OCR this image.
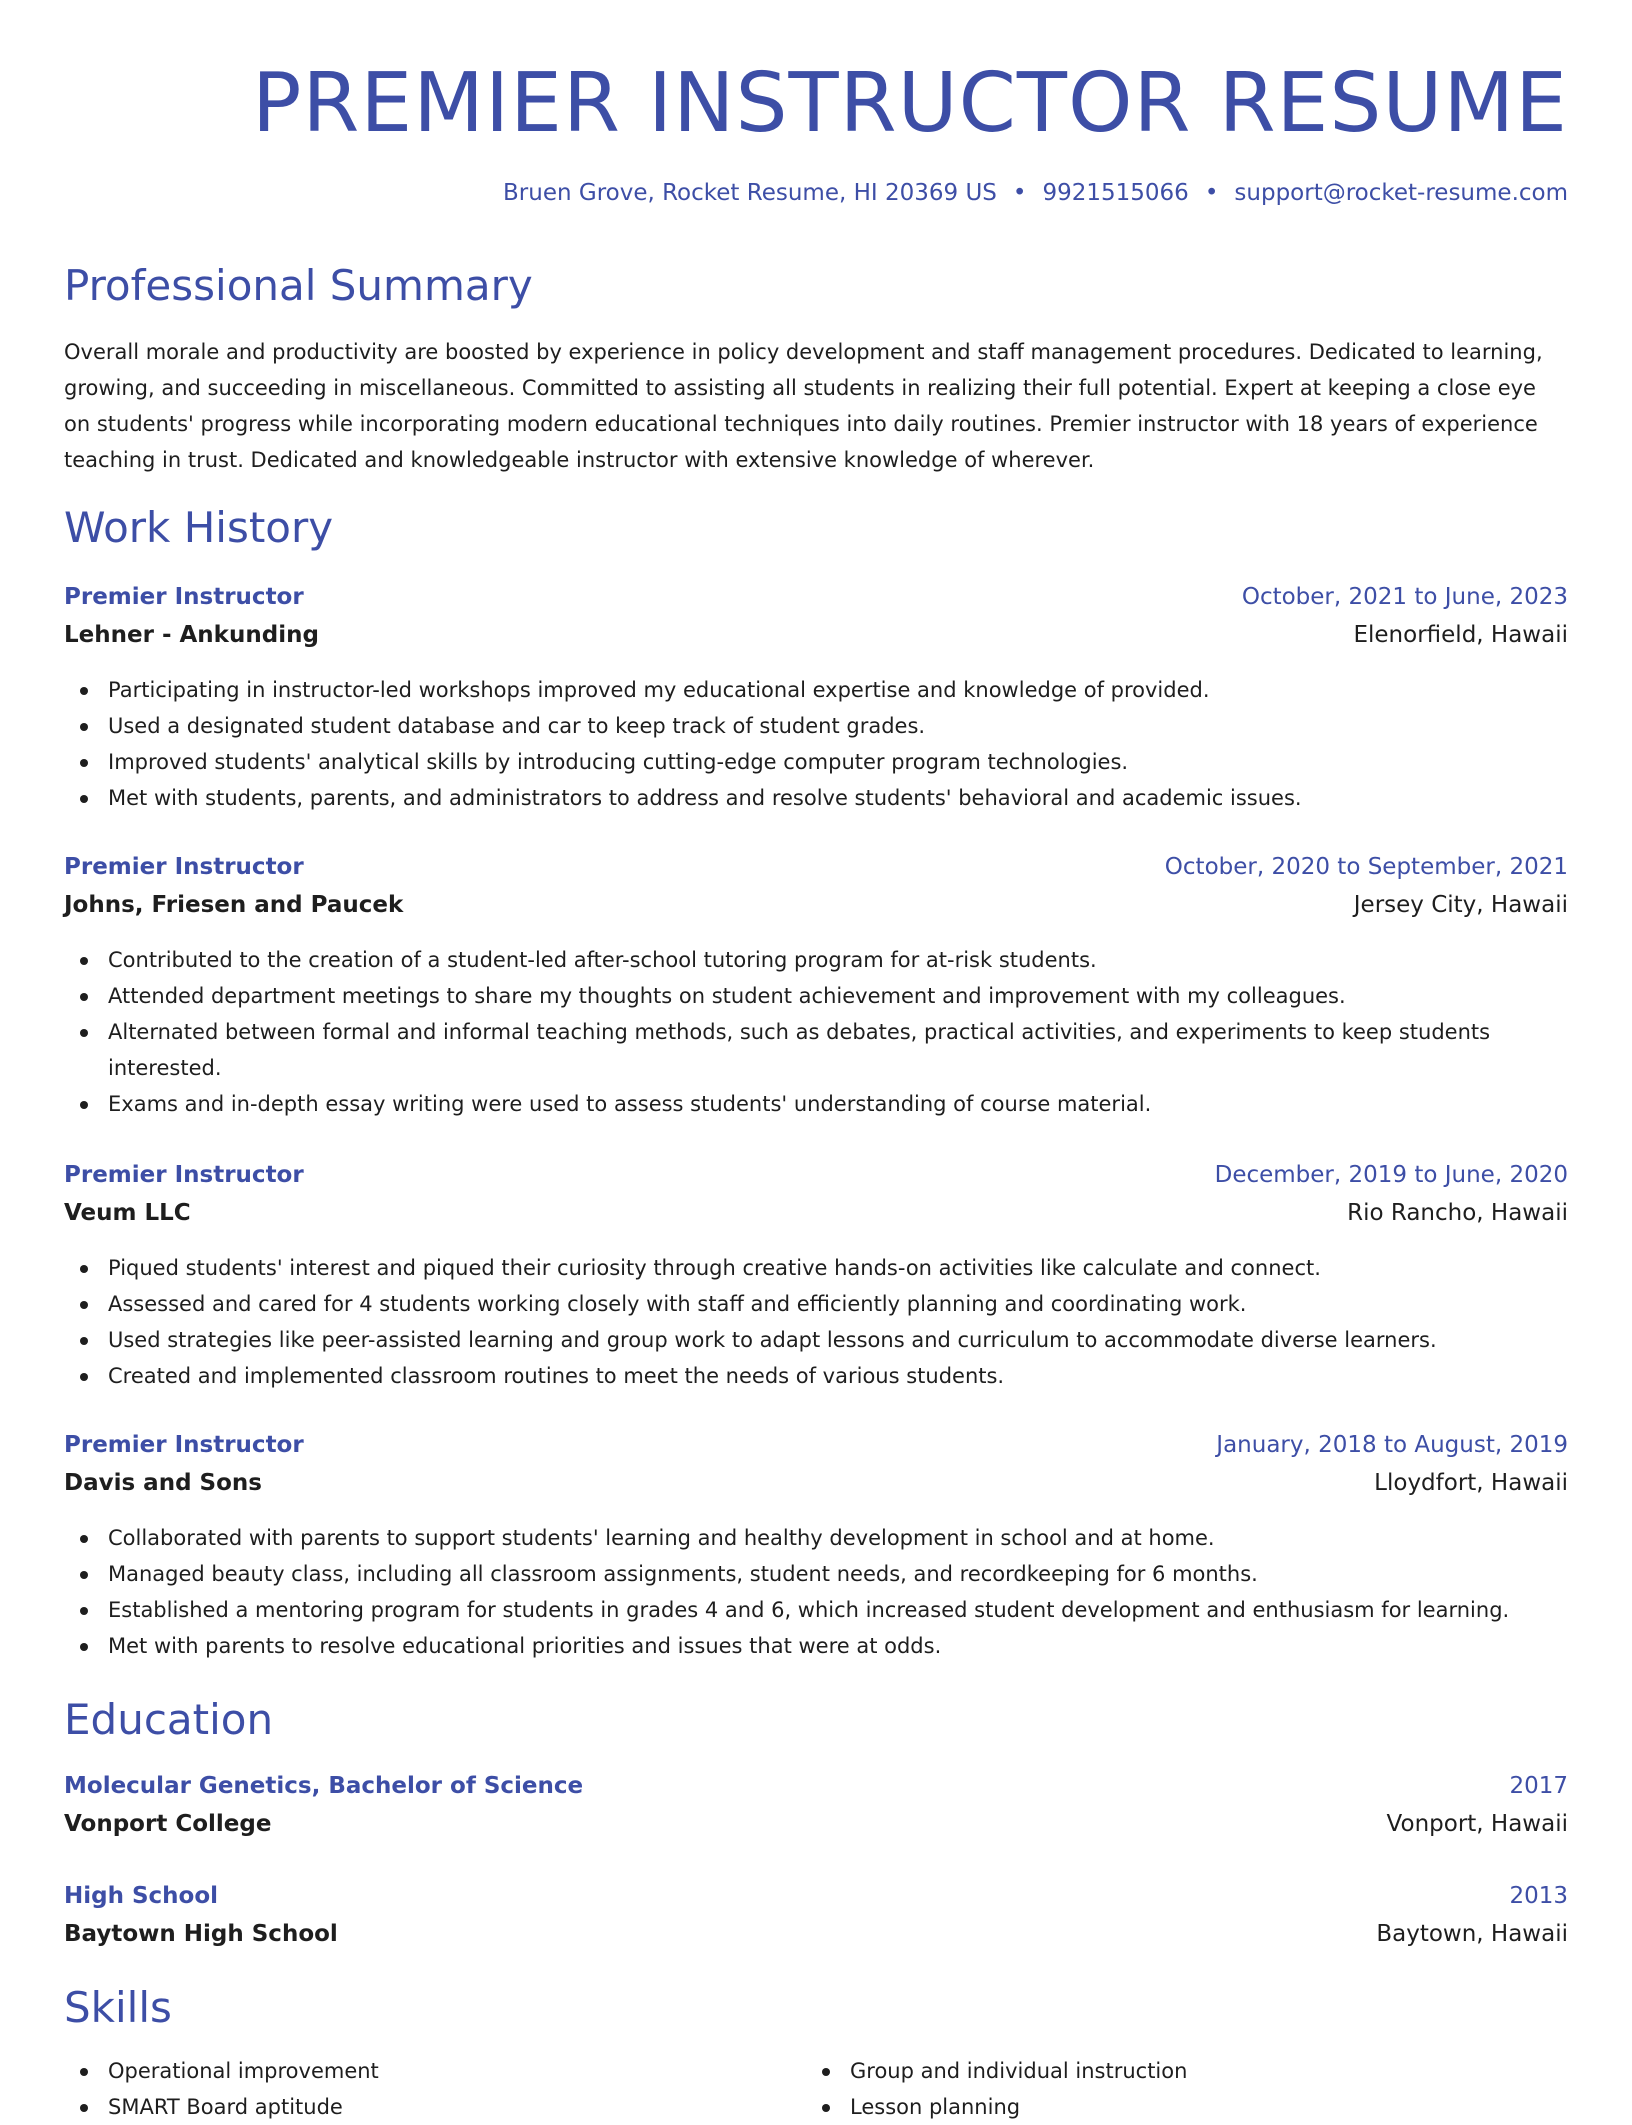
PREMIER INSTRUCTOR RESUME
Bruen Grove, Rocket Resume, HI 20369 US • 9921515066 • support@rocket-resume.com
Professional Summary

Overall morale and productivity are boosted by experience in policy development and staff management procedures. Dedicated to learning, growing, and succeeding in miscellaneous. Committed to assisting all students in realizing their full potential. Expert at keeping a close eye on students' progress while incorporating modern educational techniques into daily routines. Premier instructor with 18 years of experience teaching in trust. Dedicated and knowledgeable instructor with extensive knowledge of wherever.

Work History
Premier Instructor	October, 2021 to June, 2023
Lehner - Ankunding	Elenorfield, Hawaii
Participating in instructor-led workshops improved my educational expertise and knowledge of provided.
Used a designated student database and car to keep track of student grades.
Improved students' analytical skills by introducing cutting-edge computer program technologies.
Met with students, parents, and administrators to address and resolve students' behavioral and academic issues.
Premier Instructor	October, 2020 to September, 2021
Johns, Friesen and Paucek	Jersey City, Hawaii
Contributed to the creation of a student-led after-school tutoring program for at-risk students.
Attended department meetings to share my thoughts on student achievement and improvement with my colleagues.
Alternated between formal and informal teaching methods, such as debates, practical activities, and experiments to keep students interested.
Exams and in-depth essay writing were used to assess students' understanding of course material.
Premier Instructor	December, 2019 to June, 2020
Veum LLC	Rio Rancho, Hawaii
Piqued students' interest and piqued their curiosity through creative hands-on activities like calculate and connect.
Assessed and cared for 4 students working closely with staff and efficiently planning and coordinating work.
Used strategies like peer-assisted learning and group work to adapt lessons and curriculum to accommodate diverse learners.
Created and implemented classroom routines to meet the needs of various students.
Premier Instructor	January, 2018 to August, 2019
Davis and Sons	Lloydfort, Hawaii
Collaborated with parents to support students' learning and healthy development in school and at home.
Managed beauty class, including all classroom assignments, student needs, and recordkeeping for 6 months.
Established a mentoring program for students in grades 4 and 6, which increased student development and enthusiasm for learning.
Met with parents to resolve educational priorities and issues that were at odds.
Education
Molecular Genetics, Bachelor of Science	2017
Vonport College	Vonport, Hawaii
High School	2013
Baytown High School	Baytown, Hawaii
Skills
Operational improvement
SMART Board aptitude
Group and individual instruction
Lesson planning
